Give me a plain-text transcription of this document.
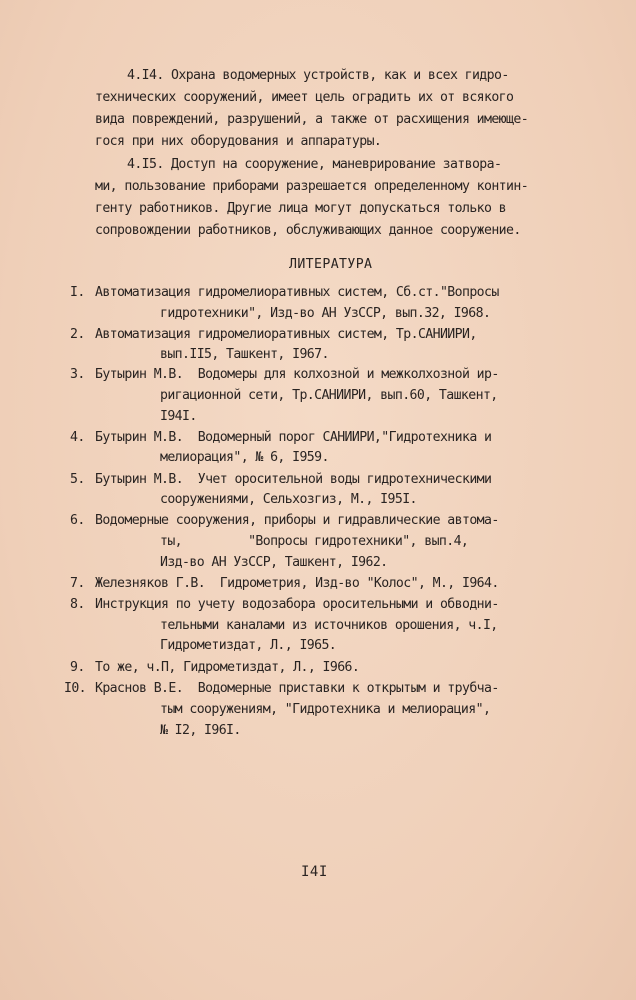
4.I4. Охрана водомерных устройств, как и всех гидро-
технических сооружений, имеет цель оградить их от всякого
вида повреждений, разрушений, а также от расхищения имеюще-
гося при них оборудования и аппаратуры.
4.I5. Доступ на сооружение, маневрирование затвора-
ми, пользование приборами разрешается определенному контин-
генту работников. Другие лица могут допускаться только в
сопровождении работников, обслуживающих данное сооружение.
ЛИТЕРАТУРА
I. Автоматизация гидромелиоративных систем, Сб.ст."Вопросы
гидротехники", Изд-во АН УзССР, вып.32, I968.
2. Автоматизация гидромелиоративных систем, Тр.САНИИРИ,
вып.II5, Ташкент, I967.
3. Бутырин М.В.  Водомеры для колхозной и межколхозной ир-
ригационной сети, Тр.САНИИРИ, вып.60, Ташкент,
I94I.
4. Бутырин М.В.  Водомерный порог САНИИРИ,"Гидротехника и
мелиорация", № 6, I959.
5. Бутырин М.В.  Учет оросительной воды гидротехническими
сооружениями, Сельхозгиз, М., I95I.
6. Водомерные сооружения, приборы и гидравлические автома-
ты,         "Вопросы гидротехники", вып.4,
Изд-во АН УзССР, Ташкент, I962.
7. Железняков Г.В.  Гидрометрия, Изд-во "Колос", М., I964.
8. Инструкция по учету водозабора оросительными и обводни-
тельными каналами из источников орошения, ч.I,
Гидрометиздат, Л., I965.
9. То же, ч.П, Гидрометиздат, Л., I966.
I0. Краснов В.Е.  Водомерные приставки к открытым и трубча-
тым сооружениям, "Гидротехника и мелиорация",
№ I2, I96I.
I4I
